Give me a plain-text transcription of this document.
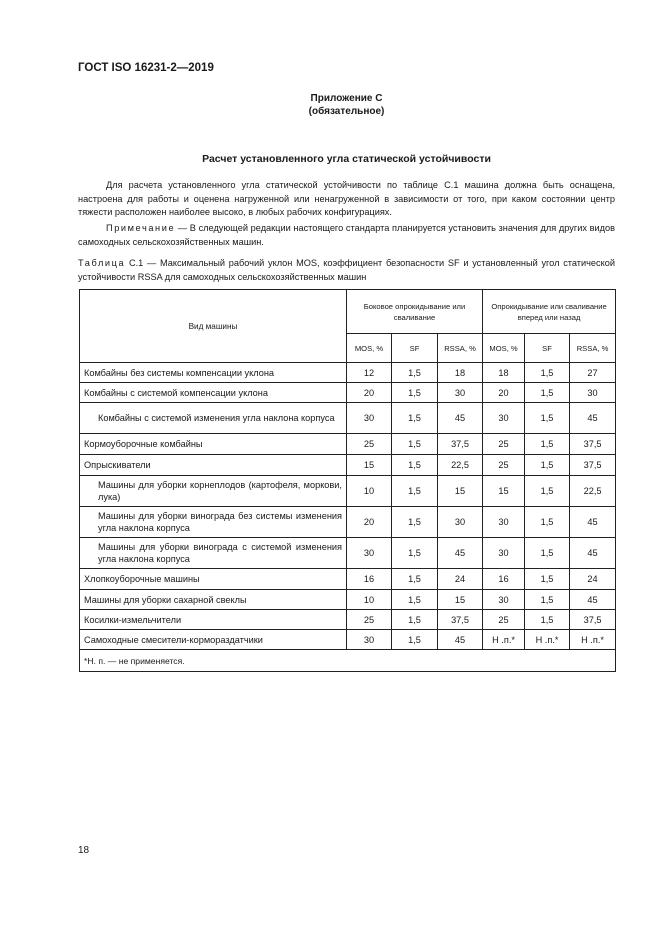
ГОСТ ISO 16231-2—2019
Приложение С
(обязательное)
Расчет установленного угла статической устойчивости
Для расчета установленного угла статической устойчивости по таблице С.1 машина должна быть оснащена, настроена для работы и оценена нагруженной или ненагруженной в зависимости от того, при каком состоянии центр тяжести расположен наиболее высоко, в любых рабочих конфигурациях.
Примечание — В следующей редакции настоящего стандарта планируется установить значения для других видов самоходных сельскохозяйственных машин.
Таблица С.1 — Максимальный рабочий уклон MOS, коэффициент безопасности SF и установленный угол статической устойчивости RSSA для самоходных сельскохозяйственных машин
Вид машины	Боковое опрокидывание или сваливание			Опрокидывание или сваливание вперед или назад		
	MOS, %	SF	RSSA, %	MOS, %	SF	RSSA, %
Комбайны без системы компенсации уклона	12	1,5	18	18	1,5	27
Комбайны с системой компенсации уклона	20	1,5	30	20	1,5	30
Комбайны с системой изменения угла наклона корпуса	30	1,5	45	30	1,5	45
Кормоуборочные комбайны	25	1,5	37,5	25	1,5	37,5
Опрыскиватели	15	1,5	22,5	25	1,5	37,5
Машины для уборки корнеплодов (картофеля, моркови, лука)	10	1,5	15	15	1,5	22,5
Машины для уборки винограда без системы изменения угла наклона корпуса	20	1,5	30	30	1,5	45
Машины для уборки винограда с системой изменения угла наклона корпуса	30	1,5	45	30	1,5	45
Хлопкоуборочные машины	16	1,5	24	16	1,5	24
Машины для уборки сахарной свеклы	10	1,5	15	30	1,5	45
Косилки-измельчители	25	1,5	37,5	25	1,5	37,5
Самоходные смесители-кормораздатчики	30	1,5	45	Н .п.*	Н .п.*	Н .п.*
*Н. п. — не применяется.						
18
